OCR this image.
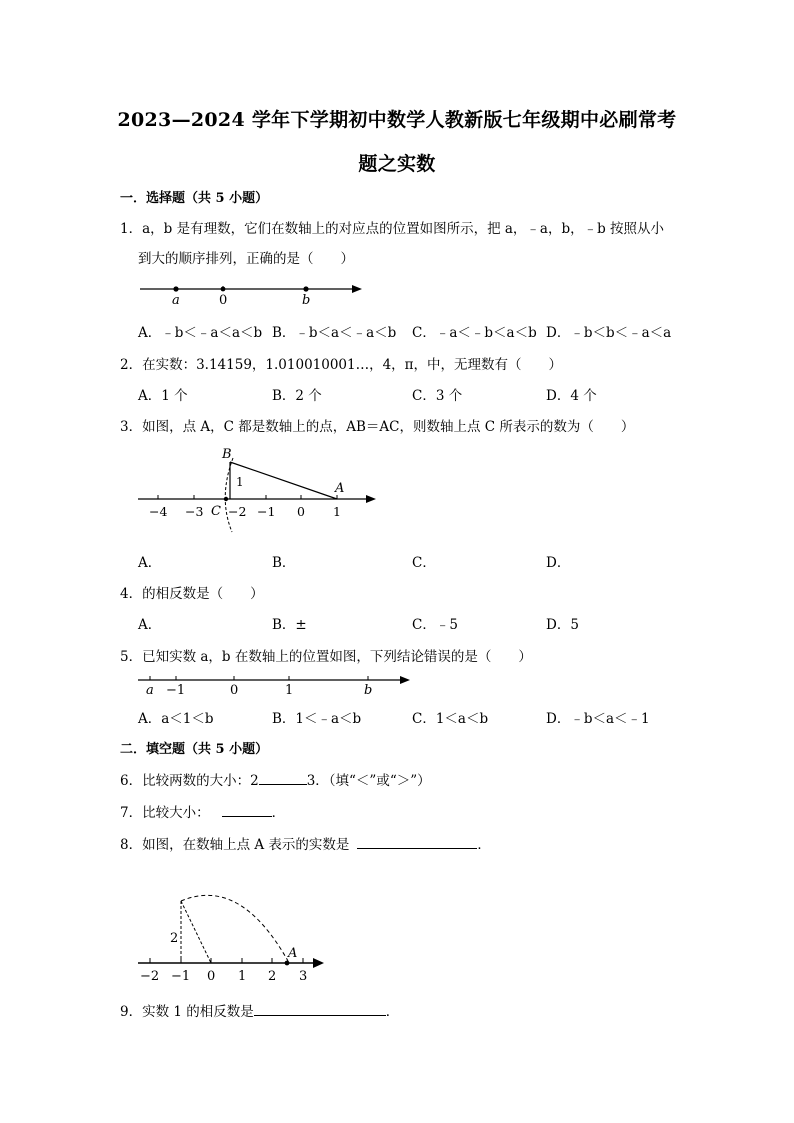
2023—2024 学年下学期初中数学人教新版七年级期中必刷常考
题之实数
一．选择题（共 5 小题）
1．a，b 是有理数，它们在数轴上的对应点的位置如图所示，把 a，﹣a，b，﹣b 按照从小
到大的顺序排列，正确的是（　　）
a	0	b
A．﹣b＜﹣a＜a＜b B．﹣b＜a＜﹣a＜b C．﹣a＜﹣b＜a＜b D．﹣b＜b＜﹣a＜a
2．在实数：3.14159，1.010010001…，4，π，中，无理数有（　　）
A．1 个	B．2 个	C．3 个	D．4 个
3．如图，点 A，C 都是数轴上的点，AB＝AC，则数轴上点 C 所表示的数为（　　）
B
A
1
C
−4 −3 −2 −1 0 1
A．	B．	C．	D．
4．的相反数是（　　）
A．	B．±	C．﹣5	D．5
5．已知实数 a，b 在数轴上的位置如图，下列结论错误的是（　　）
a −1	0	1	b
A．a＜1＜b	B．1＜﹣a＜b	C．1＜a＜b	D．﹣b＜a＜﹣1
二．填空题（共 5 小题）
6．比较两数的大小：2	3．（填“＜”或“＞”）
7．比较大小：	．
8．如图，在数轴上点 A 表示的实数是	．
2
A
−2 −1 0 1 2 3
9．实数 1 的相反数是	．
